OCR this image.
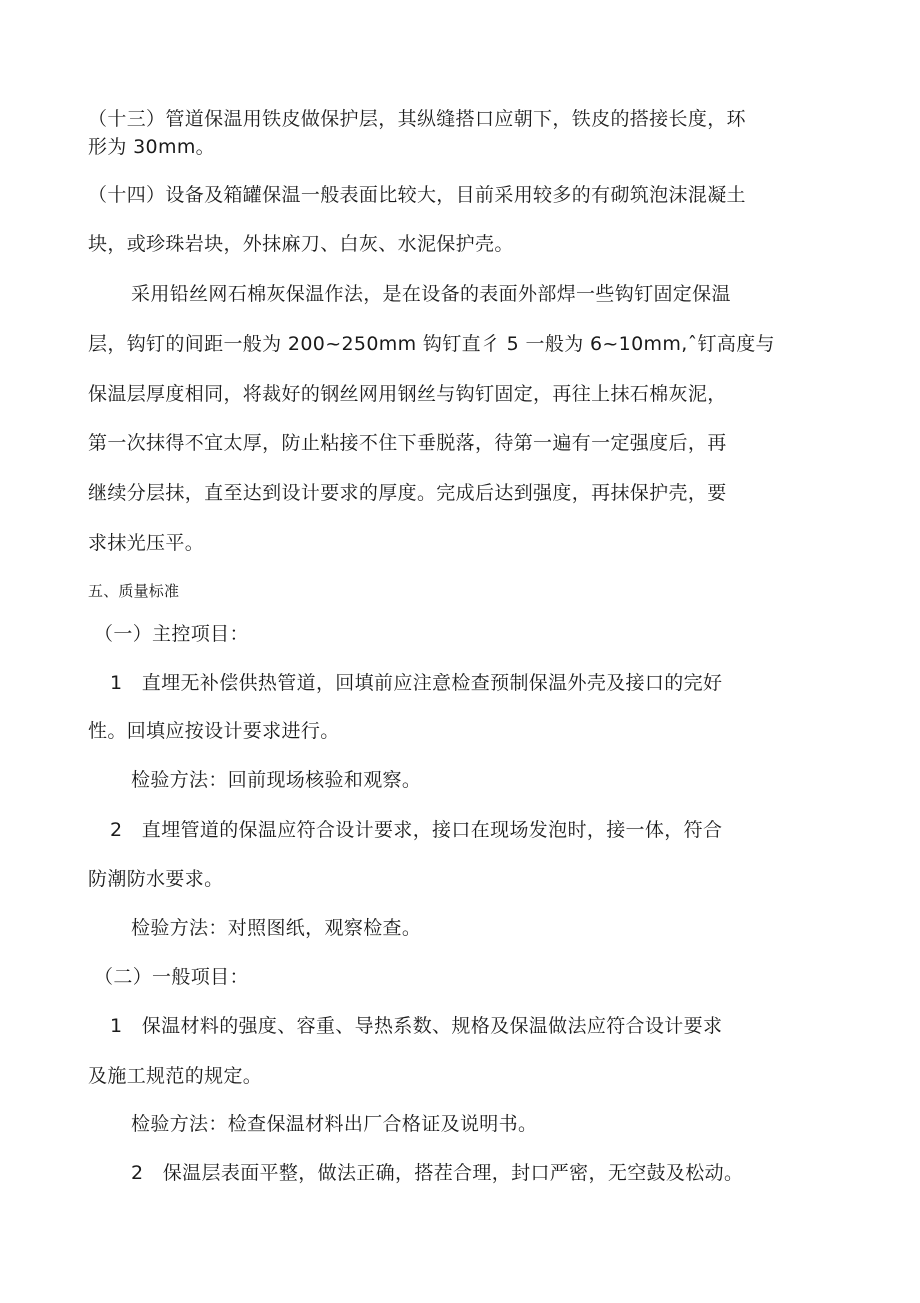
（十三）管道保温用铁皮做保护层，其纵缝搭口应朝下，铁皮的搭接长度，环
形为 30mm。
（十四）设备及箱罐保温一般表面比较大，目前采用较多的有砌筑泡沫混凝土
块，或珍珠岩块，外抹麻刀、白灰、水泥保护壳。
采用铅丝网石棉灰保温作法，是在设备的表面外部焊一些钩钉固定保温
层，钩钉的间距一般为 200~250mm 钩钉直彳 5 一般为 6~10mm,ˆ钉高度与
保温层厚度相同，将裁好的钢丝网用钢丝与钩钉固定，再往上抹石棉灰泥，
第一次抹得不宜太厚，防止粘接不住下垂脱落，待第一遍有一定强度后，再
继续分层抹，直至达到设计要求的厚度。完成后达到强度，再抹保护壳，要
求抹光压平。
五、质量标准
（一）主控项目：
1　直埋无补偿供热管道，回填前应注意检查预制保温外壳及接口的完好
性。回填应按设计要求进行。
检验方法：回前现场核验和观察。
2　直埋管道的保温应符合设计要求，接口在现场发泡时，接一体，符合
防潮防水要求。
检验方法：对照图纸，观察检查。
（二）一般项目：
1　保温材料的强度、容重、导热系数、规格及保温做法应符合设计要求
及施工规范的规定。
检验方法：检查保温材料出厂合格证及说明书。
2　保温层表面平整，做法正确，搭茬合理，封口严密，无空鼓及松动。
